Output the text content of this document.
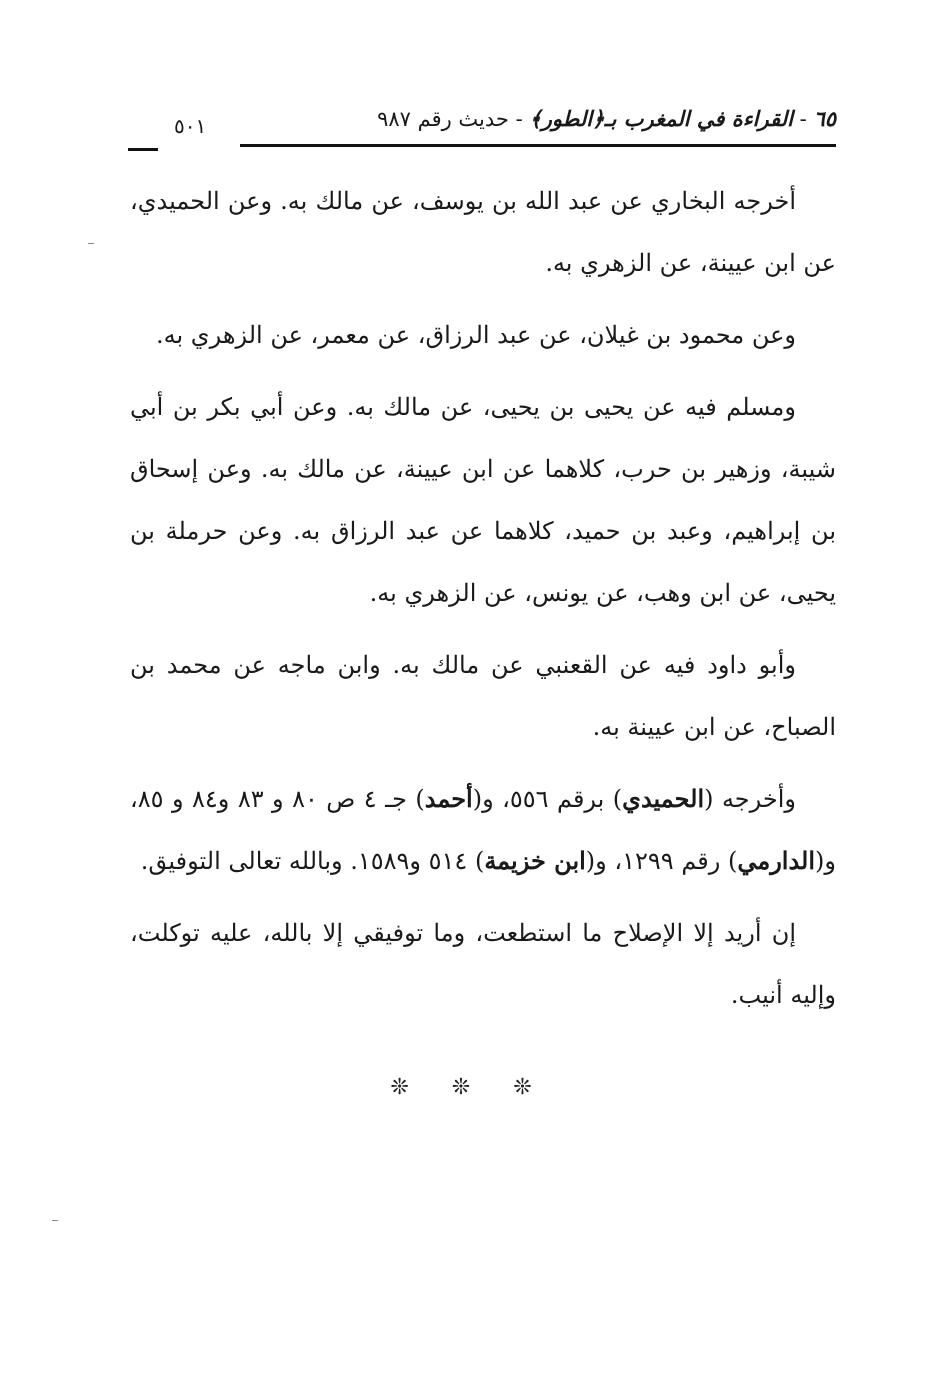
٦٥ - القراءة في المغرب بـ﴿الطور﴾ - حديث رقم ٩٨٧
٥٠١

أخرجه البخاري عن عبد الله بن يوسف، عن مالك به. وعن الحميدي، عن ابن عيينة، عن الزهري به.

وعن محمود بن غيلان، عن عبد الرزاق، عن معمر، عن الزهري به.

ومسلم فيه عن يحيى بن يحيى، عن مالك به. وعن أبي بكر بن أبي شيبة، وزهير بن حرب، كلاهما عن ابن عيينة، عن مالك به. وعن إسحاق بن إبراهيم، وعبد بن حميد، كلاهما عن عبد الرزاق به. وعن حرملة بن يحيى، عن ابن وهب، عن يونس، عن الزهري به.

وأبو داود فيه عن القعنبي عن مالك به. وابن ماجه عن محمد بن الصباح، عن ابن عيينة به.

وأخرجه (الحميدي) برقم ٥٥٦، و(أحمد) جـ ٤ ص ٨٠ و ٨٣ و٨٤ و ٨٥، و(الدارمي) رقم ١٢٩٩، و(ابن خزيمة) ٥١٤ و١٥٨٩. وبالله تعالى التوفيق.

إن أريد إلا الإصلاح ما استطعت، وما توفيقي إلا بالله، عليه توكلت، وإليه أنيب.

❊ ❊ ❊
